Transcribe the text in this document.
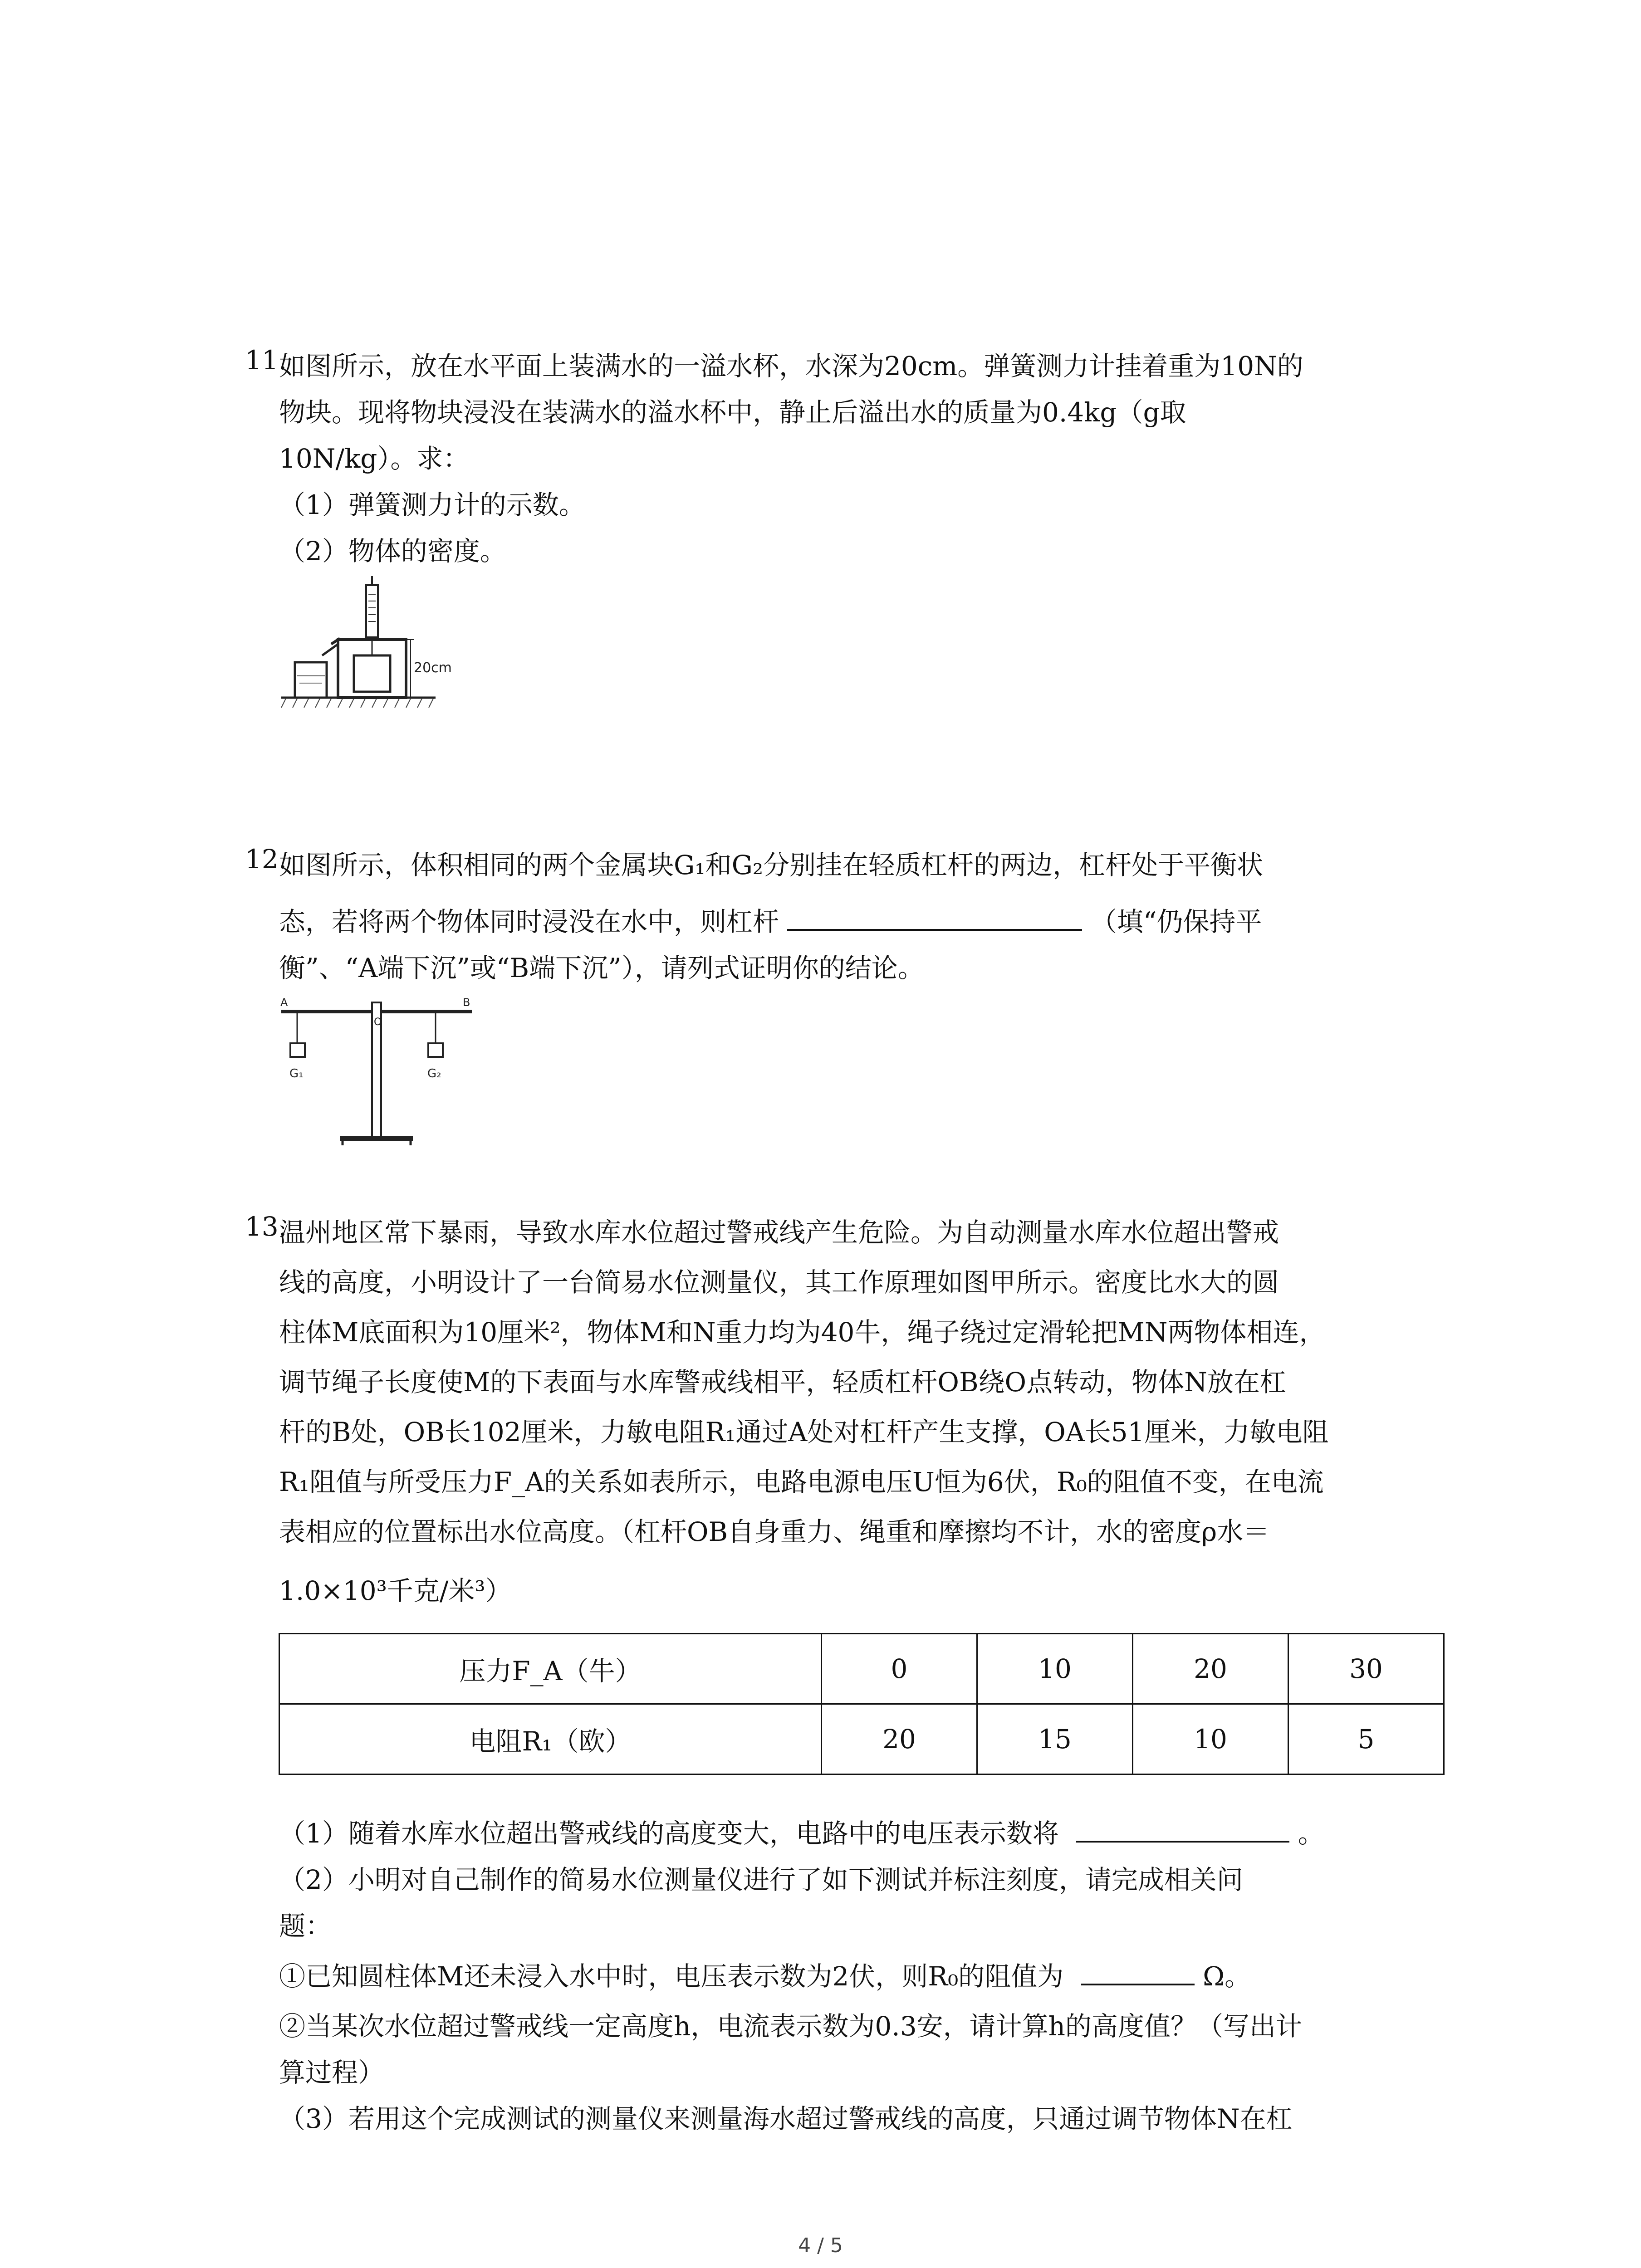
11.
如图所示，放在水平面上装满水的一溢水杯，水深为20cm。弹簧测力计挂着重为10N的
物块。现将物块浸没在装满水的溢水杯中，静止后溢出水的质量为0.4kg（g取
10N/kg）。求：
（1）弹簧测力计的示数。
（2）物体的密度。
20cm
12.
如图所示，体积相同的两个金属块G₁和G₂分别挂在轻质杠杆的两边，杠杆处于平衡状
态，若将两个物体同时浸没在水中，则杠杆	（填“仍保持平
衡”、“A端下沉”或“B端下沉”），请列式证明你的结论。
A	B
O
G₁	G₂
13.
温州地区常下暴雨，导致水库水位超过警戒线产生危险。为自动测量水库水位超出警戒
线的高度，小明设计了一台简易水位测量仪，其工作原理如图甲所示。密度比水大的圆
柱体M底面积为10厘米²，物体M和N重力均为40牛，绳子绕过定滑轮把MN两物体相连，
调节绳子长度使M的下表面与水库警戒线相平，轻质杠杆OB绕O点转动，物体N放在杠
杆的B处，OB长102厘米，力敏电阻R₁通过A处对杠杆产生支撑，OA长51厘米，力敏电阻
R₁阻值与所受压力F_A的关系如表所示，电路电源电压U恒为6伏，R₀的阻值不变，在电流
表相应的位置标出水位高度。（杠杆OB自身重力、绳重和摩擦均不计，水的密度ρ水＝
1.0×10³千克/米³）
压力F_A（牛）	0	10	20	30
电阻R₁（欧）	20	15	10	5
（1）随着水库水位超出警戒线的高度变大，电路中的电压表示数将	。
（2）小明对自己制作的简易水位测量仪进行了如下测试并标注刻度，请完成相关问
题：
①已知圆柱体M还未浸入水中时，电压表示数为2伏，则R₀的阻值为	Ω。
②当某次水位超过警戒线一定高度h，电流表示数为0.3安，请计算h的高度值？（写出计
算过程）
（3）若用这个完成测试的测量仪来测量海水超过警戒线的高度，只通过调节物体N在杠
4 / 5
